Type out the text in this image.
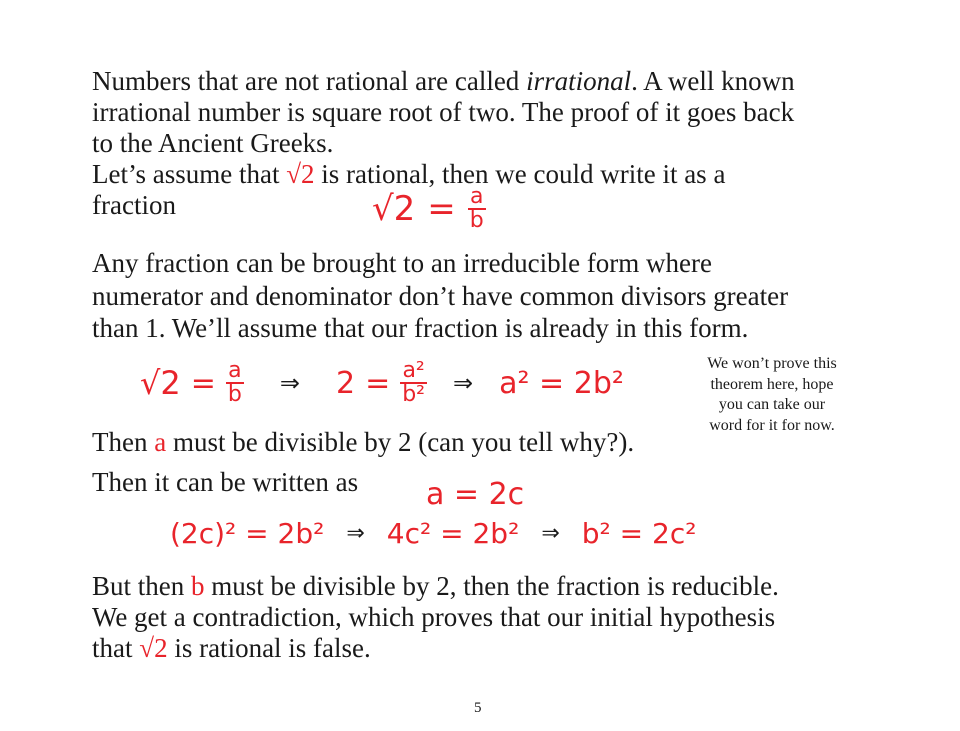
Numbers that are not rational are called irrational. A well known
irrational number is square root of two. The proof of it goes back
to the Ancient Greeks.
Let’s assume that √2 is rational, then we could write it as a
fraction	$√2 = \frac{a}{b}$
Any fraction can be brought to an irreducible form where
numerator and denominator don’t have common divisors greater
than 1. We’ll assume that our fraction is already in this form.
$√2 = \frac{a}{b}$ ⇒ $2 = \frac{\text{a²}}{\text{b²}}$ ⇒ a² = 2b²
We won’t prove this
theorem here, hope
you can take our
word for it for now.
Then a must be divisible by 2 (can you tell why?).
Then it can be written as a = 2c
(2c)² = 2b² ⇒ 4c² = 2b² ⇒ b² = 2c²
But then b must be divisible by 2, then the fraction is reducible.
We get a contradiction, which proves that our initial hypothesis
that √2 is rational is false.
5
